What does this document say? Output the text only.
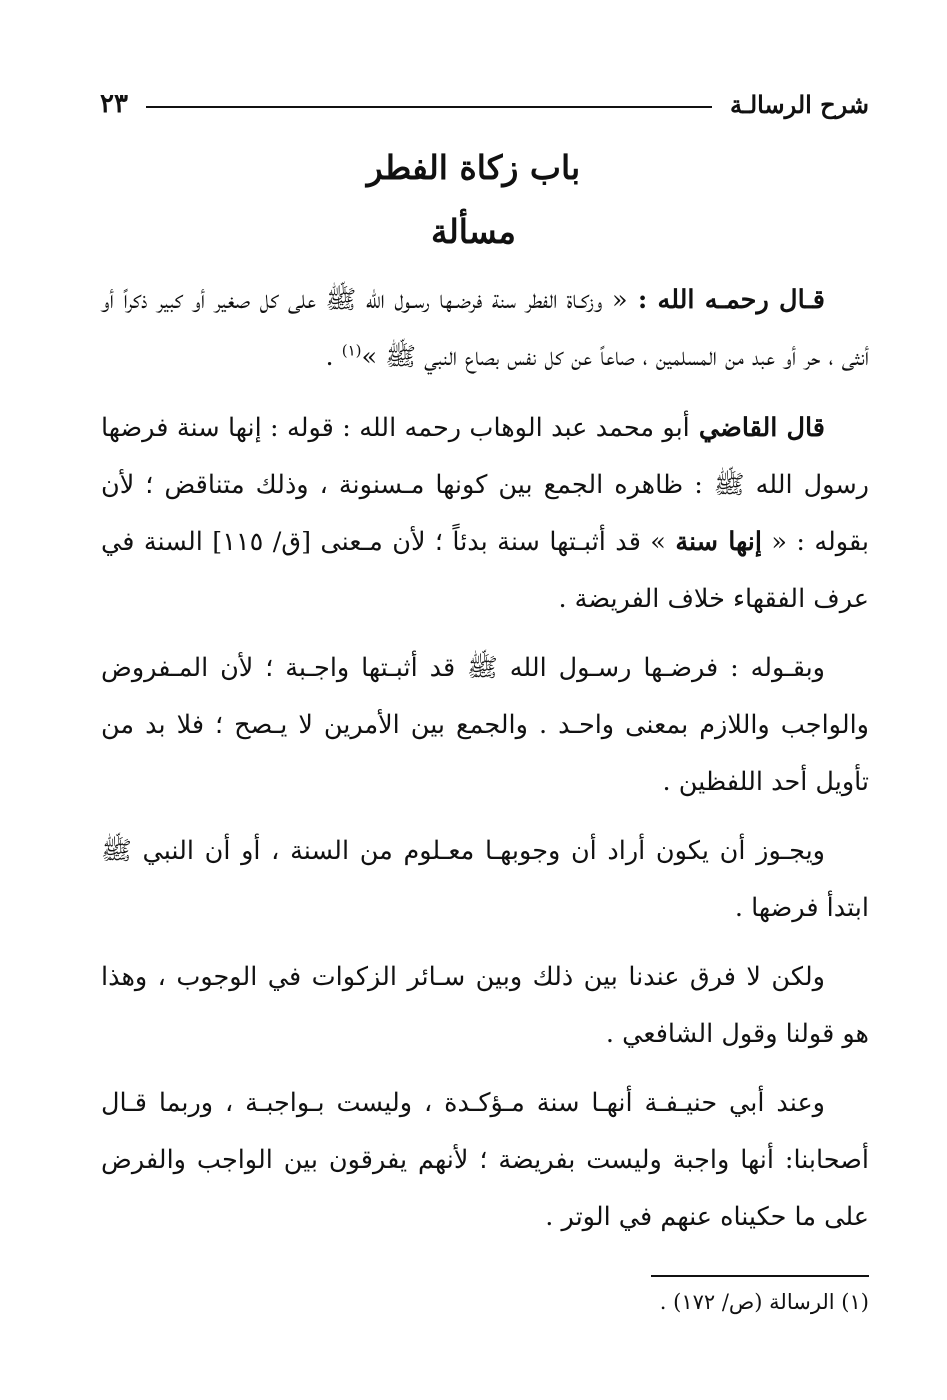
شرح الرسالـة
٢٣
باب زكاة الفطر
مسألة

قـال رحمـه الله : « وزكـاة الفطر سنة فرضـها رسـول الله ﷺ على كل صغير أو كبير ذكراً أو أنثى ، حر أو عبد من المسلمين ، صاعاً عن كل نفس بصاع النبي ﷺ »$^{(١)}$ .

قال القاضي أبو محمد عبد الوهاب رحمه الله : قوله : إنها سنة فرضها رسول الله ﷺ : ظاهره الجمع بين كونها مـسنونة ، وذلك متناقض ؛ لأن بقوله : « إنها سنة » قد أثبـتها سنة بدئاً ؛ لأن مـعنى [ق/ ١١٥] السنة في عرف الفقهاء خلاف الفريضة .

وبقـوله : فرضـها رسـول الله ﷺ قد أثبـتها واجـبة ؛ لأن المـفروض والواجب واللازم بمعنى واحـد . والجمع بين الأمرين لا يـصح ؛ فلا بد من تأويل أحد اللفظين .

ويجـوز أن يكون أراد أن وجوبهـا معـلوم من السنة ، أو أن النبي ﷺ ابتدأ فرضها .

ولكن لا فرق عندنا بين ذلك وبين سـائر الزكوات في الوجوب ، وهذا هو قولنا وقول الشافعي .

وعند أبي حنيـفـة أنهـا سنة مـؤكـدة ، وليست بـواجبـة ، وربما قـال أصحابنا: أنها واجبة وليست بفريضة ؛ لأنهم يفرقون بين الواجب والفرض على ما حكيناه عنهم في الوتر .

(١) الرسالة (ص/ ١٧٢) .
